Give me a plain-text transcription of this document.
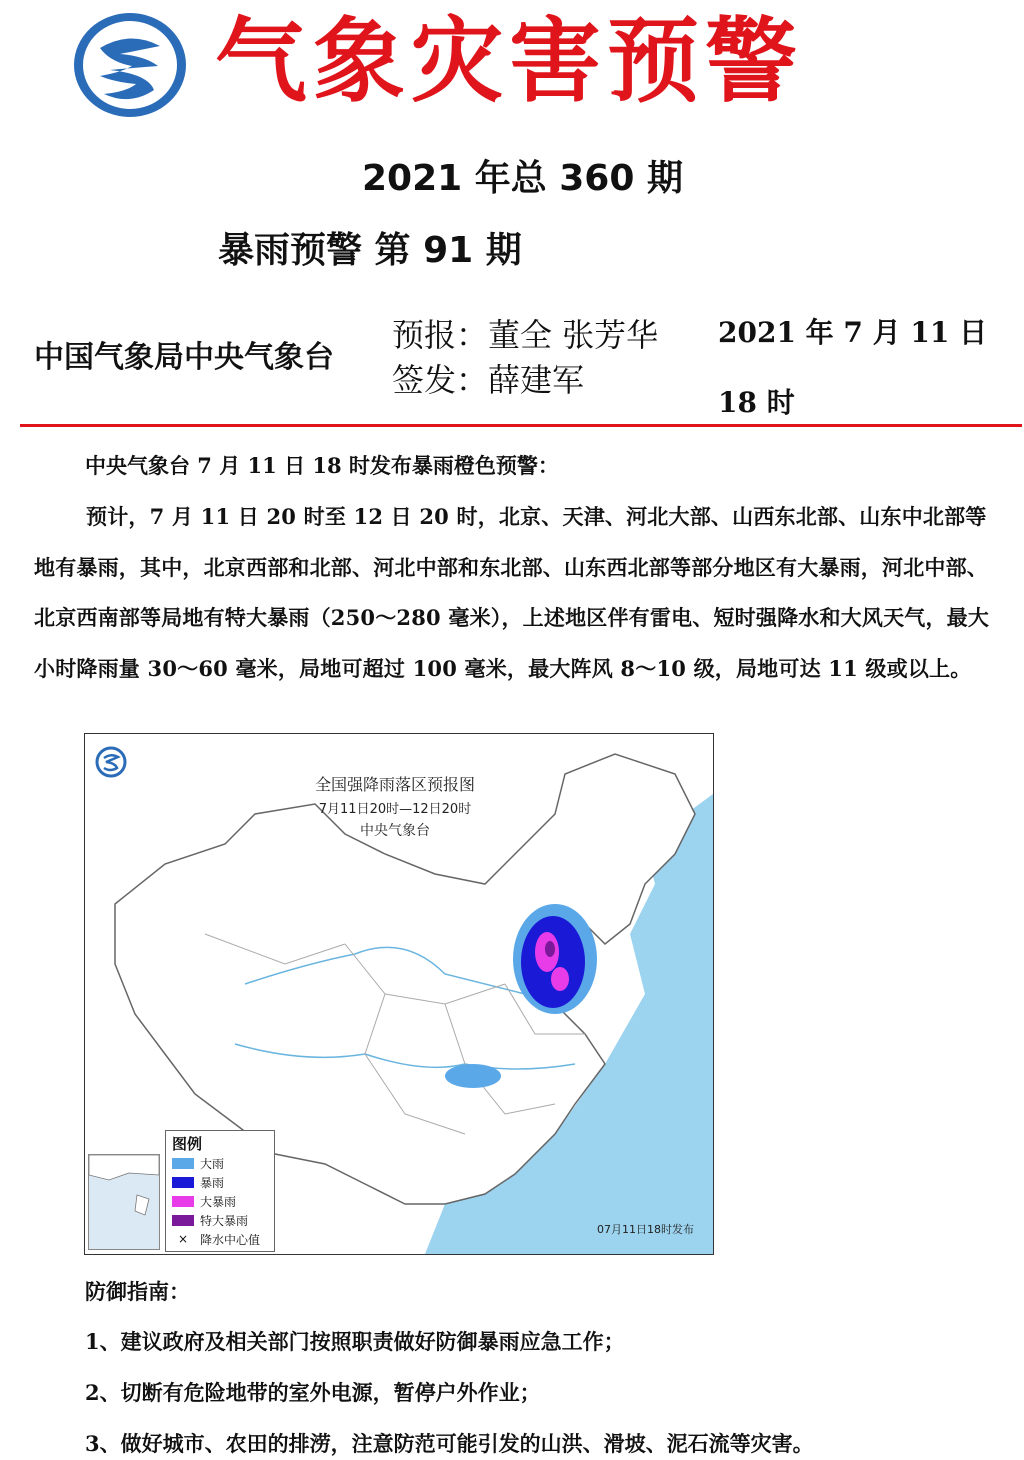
气象灾害预警
2021 年总 360 期
暴雨预警 第 91 期
中国气象局中央气象台
预报：董全 张芳华
签发：薛建军
2021 年 7 月 11 日 18 时
中央气象台 7 月 11 日 18 时发布暴雨橙色预警：
预计，7 月 11 日 20 时至 12 日 20 时，北京、天津、河北大部、山西东北部、山东中北部等地有暴雨，其中，北京西部和北部、河北中部和东北部、山东西北部等部分地区有大暴雨，河北中部、北京西南部等局地有特大暴雨（250～280 毫米），上述地区伴有雷电、短时强降水和大风天气，最大小时降雨量 30～60 毫米，局地可超过 100 毫米，最大阵风 8～10 级，局地可达 11 级或以上。
全国强降雨落区预报图
7月11日20时—12日20时
中央气象台
图例
大雨
暴雨
大暴雨
特大暴雨
× 降水中心值
07月11日18时发布
防御指南：
1、建议政府及相关部门按照职责做好防御暴雨应急工作；
2、切断有危险地带的室外电源，暂停户外作业；
3、做好城市、农田的排涝，注意防范可能引发的山洪、滑坡、泥石流等灾害。
